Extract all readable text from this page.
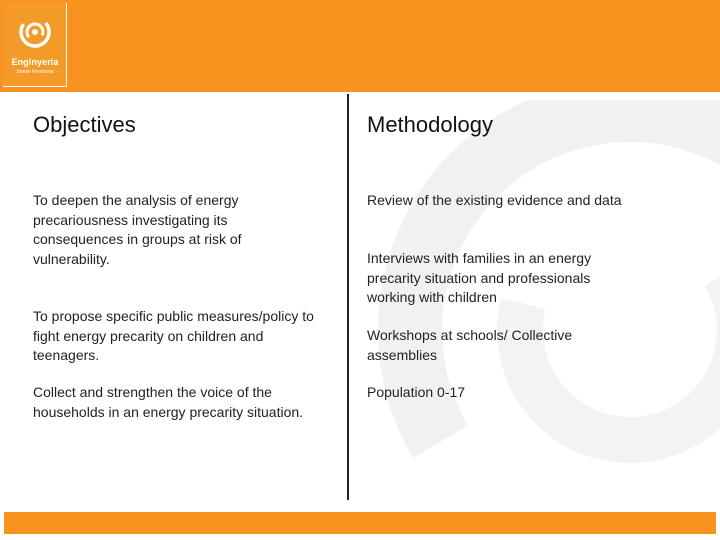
Enginyeria
Sense Fronteres
Objectives	Methodology
To deepen the analysis of energy precariousness investigating its consequences in groups at risk of vulnerability.
To propose specific public measures/policy to fight energy precarity on children and teenagers.
Collect and strengthen the voice of the households in an energy precarity situation.
Review of the existing evidence and data
Interviews with families in an energy precarity situation and professionals working with children
Workshops at schools/ Collective assemblies
Population 0-17
